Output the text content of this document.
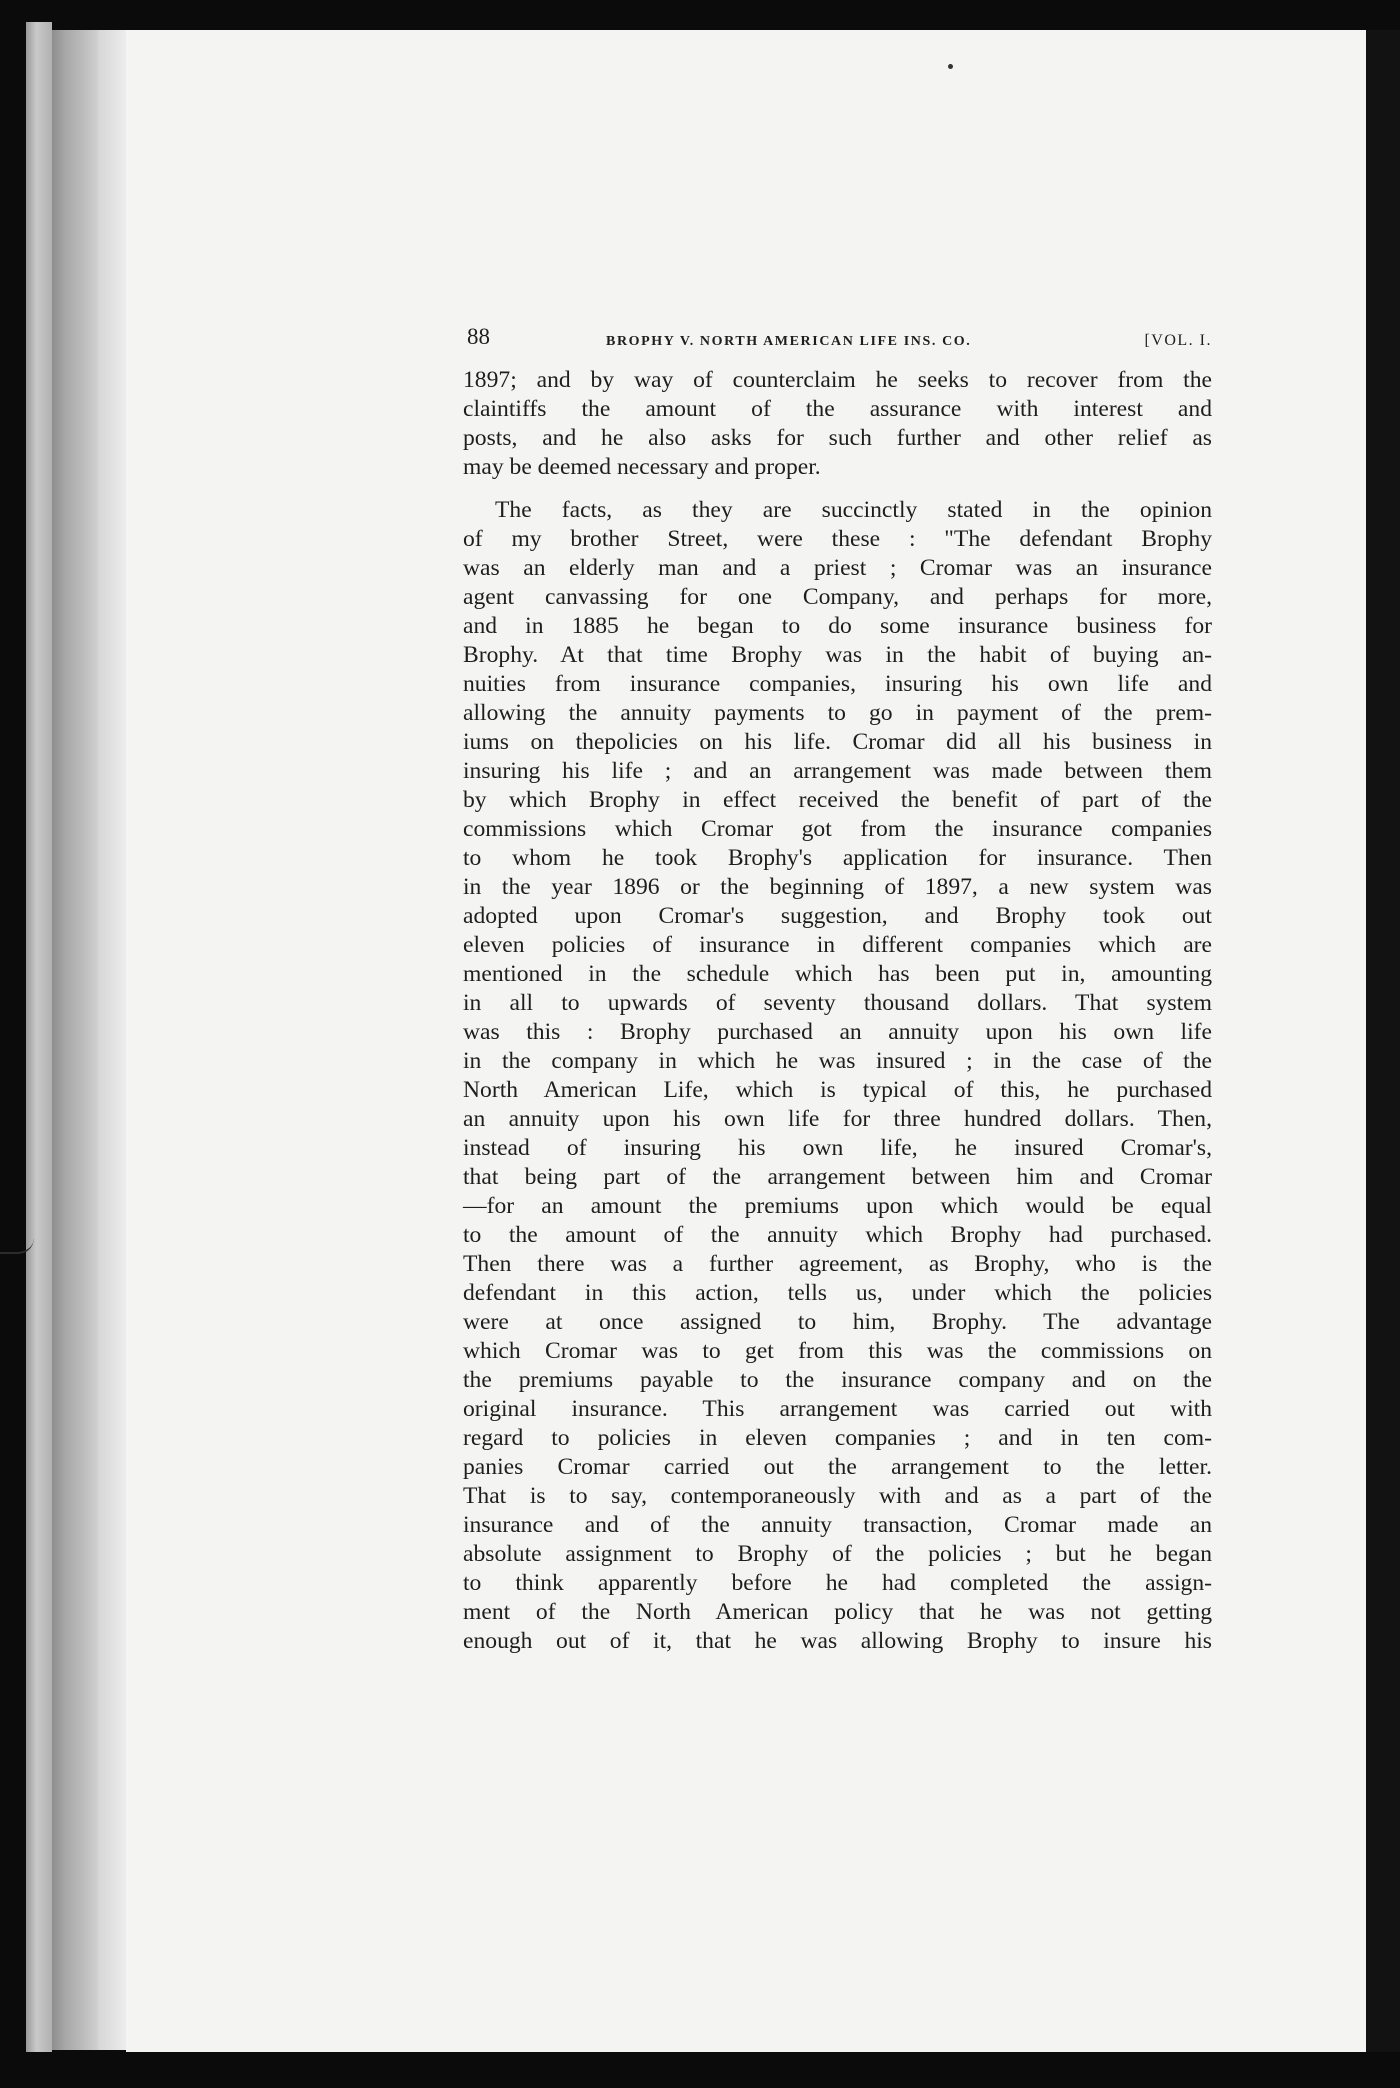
88	BROPHY V. NORTH AMERICAN LIFE INS. CO.	[VOL. I.

1897; and by way of counterclaim he seeks to recover from the
claintiffs the amount of the assurance with interest and
posts, and he also asks for such further and other relief as
may be deemed necessary and proper.

The facts, as they are succinctly stated in the opinion
of my brother Street, were these : "The defendant Brophy
was an elderly man and a priest ; Cromar was an insurance
agent canvassing for one Company, and perhaps for more,
and in 1885 he began to do some insurance business for
Brophy. At that time Brophy was in the habit of buying an-
nuities from insurance companies, insuring his own life and
allowing the annuity payments to go in payment of the prem-
iums on thepolicies on his life. Cromar did all his business in
insuring his life ; and an arrangement was made between them
by which Brophy in effect received the benefit of part of the
commissions which Cromar got from the insurance companies
to whom he took Brophy's application for insurance. Then
in the year 1896 or the beginning of 1897, a new system was
adopted upon Cromar's suggestion, and Brophy took out
eleven policies of insurance in different companies which are
mentioned in the schedule which has been put in, amounting
in all to upwards of seventy thousand dollars. That system
was this : Brophy purchased an annuity upon his own life
in the company in which he was insured ; in the case of the
North American Life, which is typical of this, he purchased
an annuity upon his own life for three hundred dollars. Then,
instead of insuring his own life, he insured Cromar's,
that being part of the arrangement between him and Cromar
—for an amount the premiums upon which would be equal
to the amount of the annuity which Brophy had purchased.
Then there was a further agreement, as Brophy, who is the
defendant in this action, tells us, under which the policies
were at once assigned to him, Brophy. The advantage
which Cromar was to get from this was the commissions on
the premiums payable to the insurance company and on the
original insurance. This arrangement was carried out with
regard to policies in eleven companies ; and in ten com-
panies Cromar carried out the arrangement to the letter.
That is to say, contemporaneously with and as a part of the
insurance and of the annuity transaction, Cromar made an
absolute assignment to Brophy of the policies ; but he began
to think apparently before he had completed the assign-
ment of the North American policy that he was not getting
enough out of it, that he was allowing Brophy to insure his
